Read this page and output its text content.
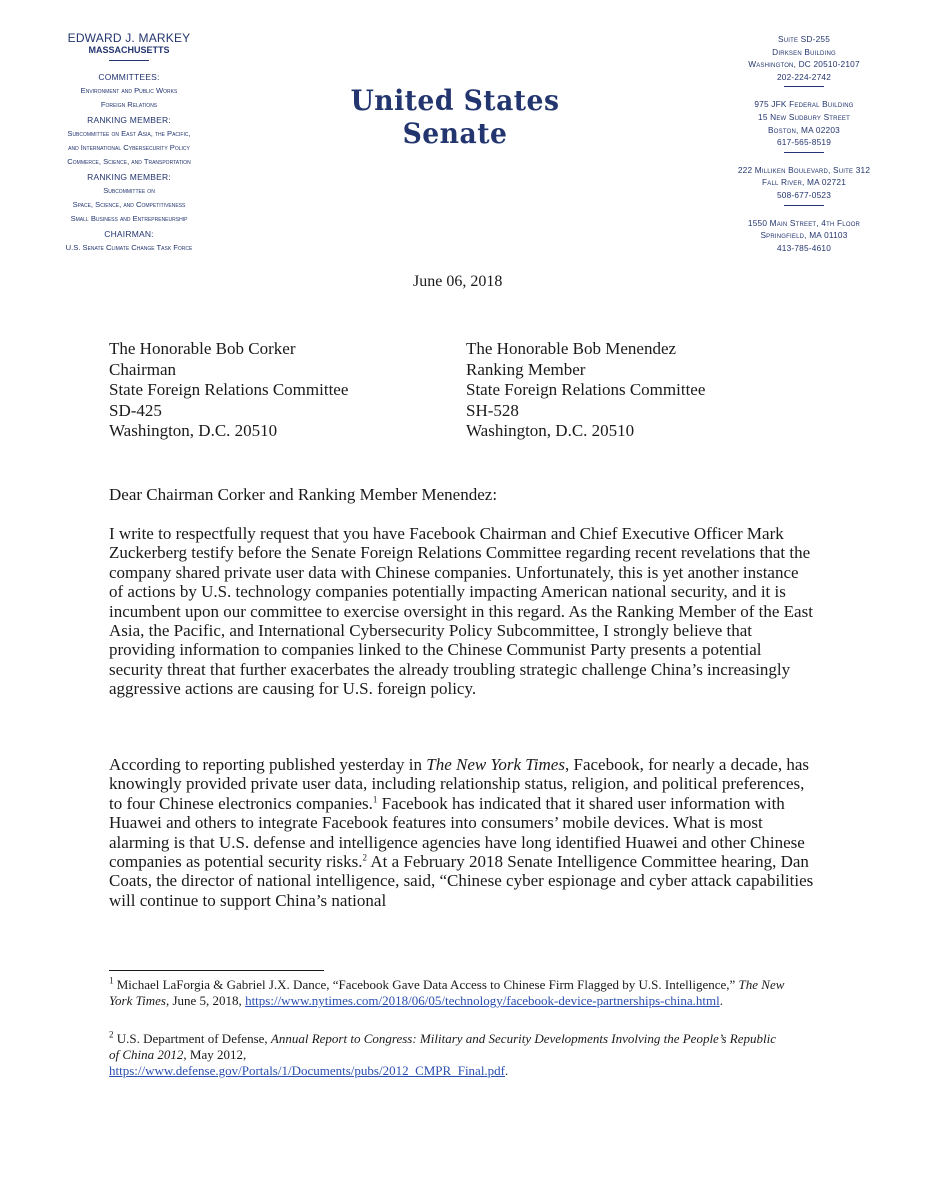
EDWARD J. MARKEY
MASSACHUSETTS
COMMITTEES:
Environment and Public Works
Foreign Relations
RANKING MEMBER:
Subcommittee on East Asia, the Pacific,
and International Cybersecurity Policy
Commerce, Science, and Transportation
RANKING MEMBER:
Subcommittee on
Space, Science, and Competitiveness
Small Business and Entrepreneurship
CHAIRMAN:
U.S. Senate Climate Change Task Force
United States Senate
Suite SD-255
Dirksen Building
Washington, DC 20510-2107
202-224-2742
975 JFK Federal Building
15 New Sudbury Street
Boston, MA 02203
617-565-8519
222 Milliken Boulevard, Suite 312
Fall River, MA 02721
508-677-0523
1550 Main Street, 4th Floor
Springfield, MA 01103
413-785-4610
June 06, 2018
The Honorable Bob Corker
Chairman
State Foreign Relations Committee
SD-425
Washington, D.C. 20510
The Honorable Bob Menendez
Ranking Member
State Foreign Relations Committee
SH-528
Washington, D.C. 20510

Dear Chairman Corker and Ranking Member Menendez:

I write to respectfully request that you have Facebook Chairman and Chief Executive Officer Mark Zuckerberg testify before the Senate Foreign Relations Committee regarding recent revelations that the company shared private user data with Chinese companies. Unfortunately, this is yet another instance of actions by U.S. technology companies potentially impacting American national security, and it is incumbent upon our committee to exercise oversight in this regard. As the Ranking Member of the East Asia, the Pacific, and International Cybersecurity Policy Subcommittee, I strongly believe that providing information to companies linked to the Chinese Communist Party presents a potential security threat that further exacerbates the already troubling strategic challenge China’s increasingly aggressive actions are causing for U.S. foreign policy.

According to reporting published yesterday in The New York Times, Facebook, for nearly a decade, has knowingly provided private user data, including relationship status, religion, and political preferences, to four Chinese electronics companies.$^1$ Facebook has indicated that it shared user information with Huawei and others to integrate Facebook features into consumers’ mobile devices. What is most alarming is that U.S. defense and intelligence agencies have long identified Huawei and other Chinese companies as potential security risks.$^2$ At a February 2018 Senate Intelligence Committee hearing, Dan Coats, the director of national intelligence, said, “Chinese cyber espionage and cyber attack capabilities will continue to support China’s national

$^1$ Michael LaForgia & Gabriel J.X. Dance, “Facebook Gave Data Access to Chinese Firm Flagged by U.S. Intelligence,” The New York Times, June 5, 2018, https://www.nytimes.com/2018/06/05/technology/facebook-device-partnerships-china.html.

$^2$ U.S. Department of Defense, Annual Report to Congress: Military and Security Developments Involving the People’s Republic of China 2012, May 2012,
https://www.defense.gov/Portals/1/Documents/pubs/2012_CMPR_Final.pdf.
